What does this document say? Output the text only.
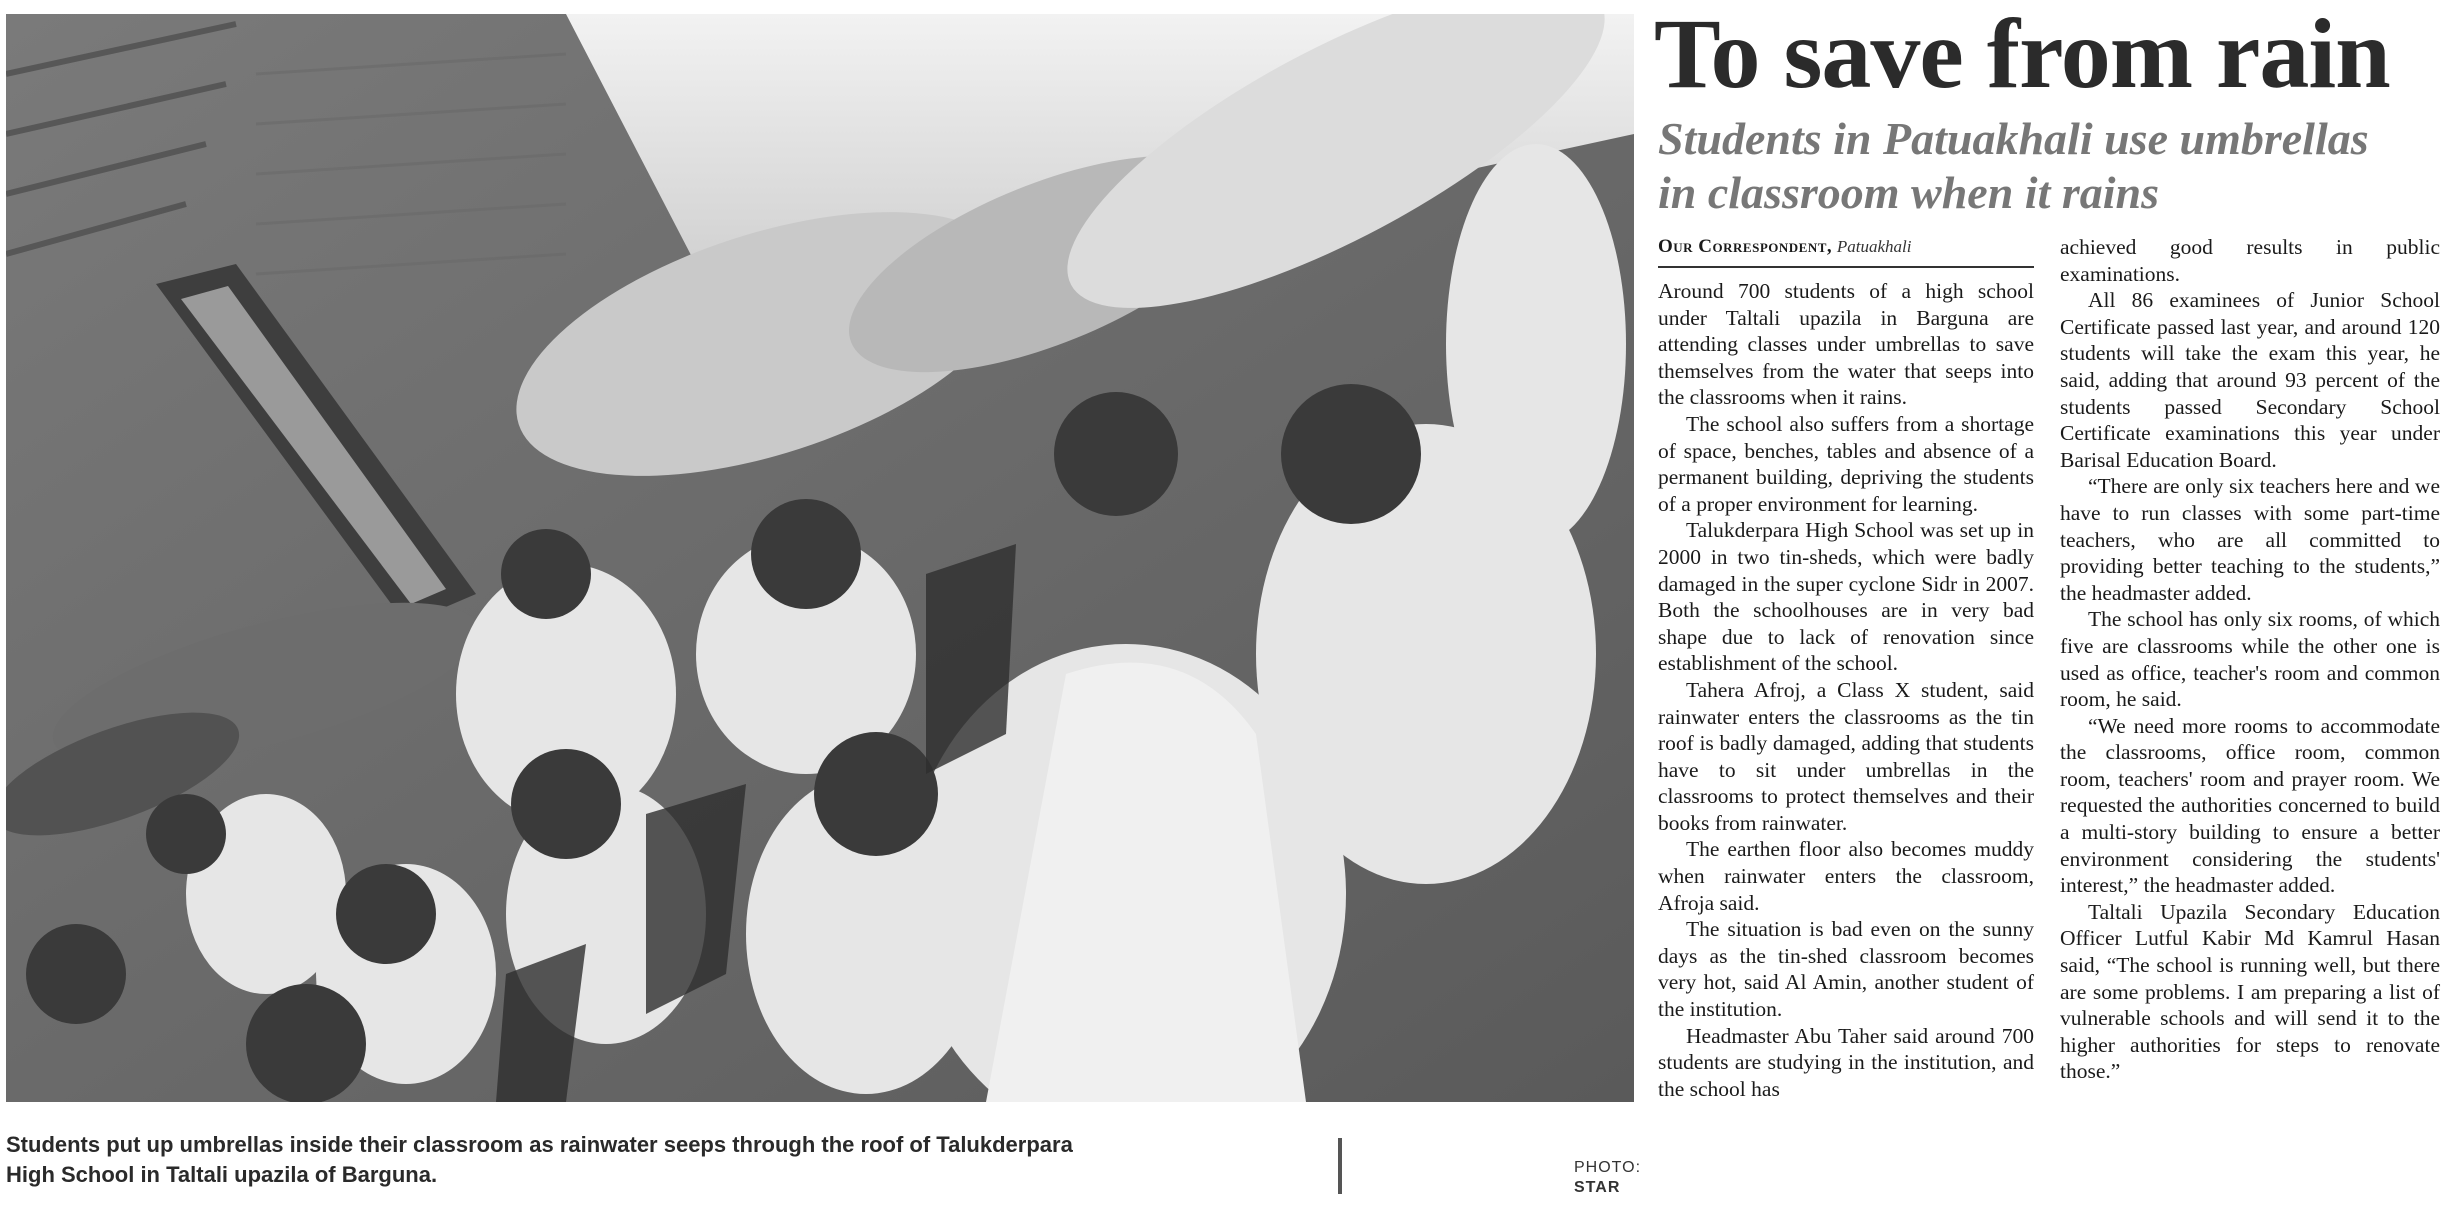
Students put up umbrellas inside their classroom as rainwater seeps through the roof of Talukderpara High School in Taltali upazila of Barguna.	PHOTO:
STAR
To save from rain
Students in Patuakhali use umbrellas in classroom when it rains
Our Correspondent, Patuakhali

Around 700 students of a high school under Taltali upazila in Barguna are attending classes under umbrellas to save themselves from the water that seeps into the classrooms when it rains.

The school also suffers from a shortage of space, benches, tables and absence of a permanent building, depriving the students of a proper environment for learning.

Talukderpara High School was set up in 2000 in two tin-sheds, which were badly damaged in the super cyclone Sidr in 2007. Both the schoolhouses are in very bad shape due to lack of renovation since establishment of the school.

Tahera Afroj, a Class X student, said rainwater enters the classrooms as the tin roof is badly damaged, adding that students have to sit under umbrellas in the classrooms to protect themselves and their books from rainwater.

The earthen floor also becomes muddy when rainwater enters the classroom, Afroja said.

The situation is bad even on the sunny days as the tin-shed classroom becomes very hot, said Al Amin, another student of the institution.

Headmaster Abu Taher said around 700 students are studying in the institution, and the school has

achieved good results in public examinations.

All 86 examinees of Junior School Certificate passed last year, and around 120 students will take the exam this year, he said, adding that around 93 percent of the students passed Secondary School Certificate examinations this year under Barisal Education Board.

“There are only six teachers here and we have to run classes with some part-time teachers, who are all committed to providing better teaching to the students,” the headmaster added.

The school has only six rooms, of which five are classrooms while the other one is used as office, teacher's room and common room, he said.

“We need more rooms to accommodate the classrooms, office room, common room, teachers' room and prayer room. We requested the authorities concerned to build a multi-story building to ensure a better environment considering the students' interest,” the headmaster added.

Taltali Upazila Secondary Education Officer Lutful Kabir Md Kamrul Hasan said, “The school is running well, but there are some problems. I am preparing a list of vulnerable schools and will send it to the higher authorities for steps to renovate those.”
